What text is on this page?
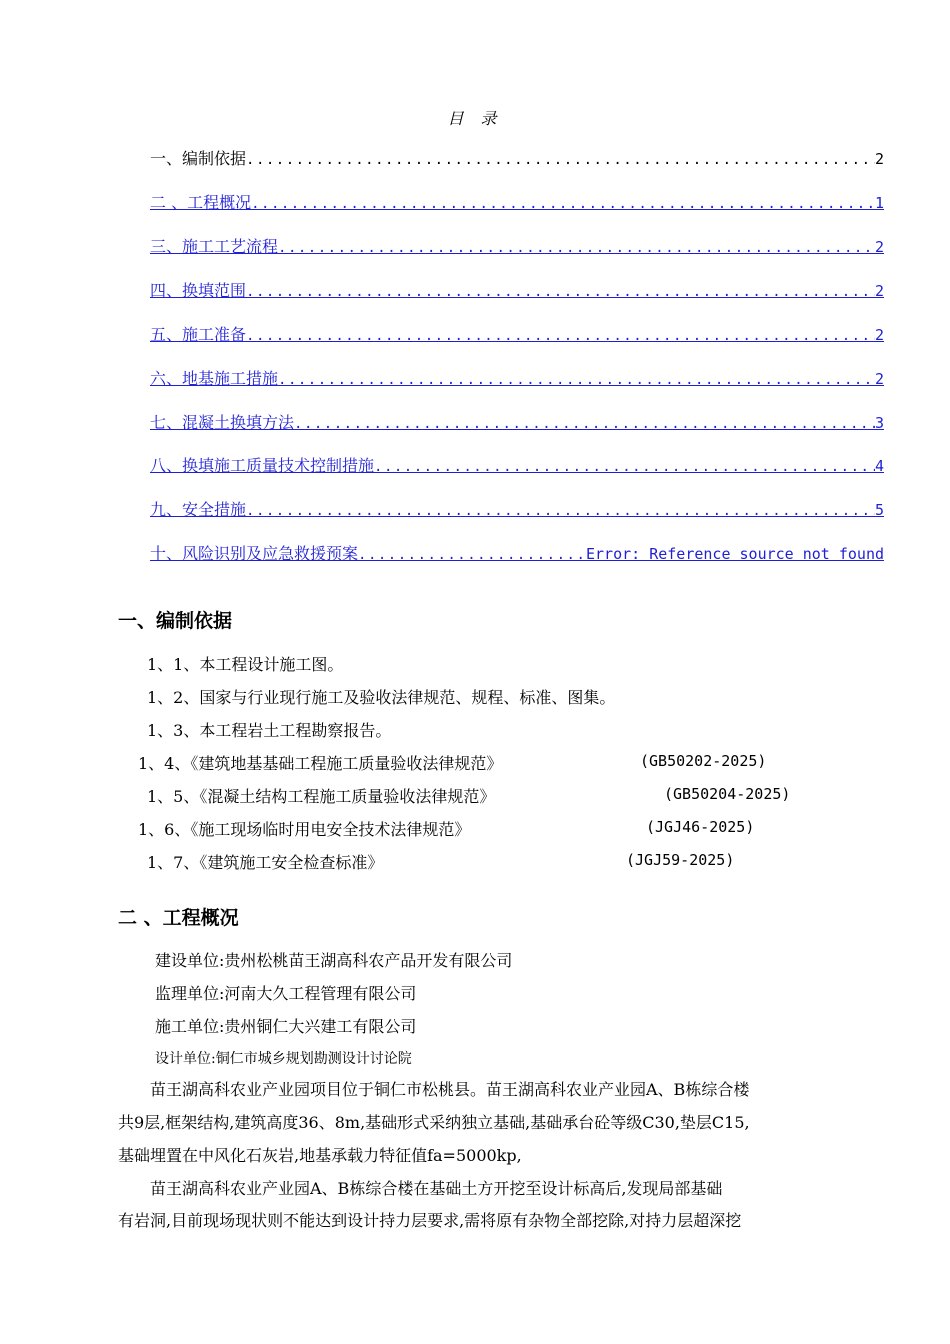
目 录
一、编制依据 .....	2
二 、工程概况 .....	1
三、施工工艺流程 .....	2
四、换填范围 .....	2
五、施工准备 .....	2
六、地基施工措施 .....	2
七、混凝土换填方法 .....	3
八、换填施工质量技术控制措施 .....	4
九、安全措施 .....	5
十、风险识别及应急救援预案 .....	Error: Reference source not found
一、编制依据
1、1、本工程设计施工图。
1、2、国家与行业现行施工及验收法律规范、规程、标准、图集。
1、3、本工程岩土工程勘察报告。
1、4、《建筑地基基础工程施工质量验收法律规范》	(GB50202-2025)
1、5、《混凝土结构工程施工质量验收法律规范》	(GB50204-2025)
1、6、《施工现场临时用电安全技术法律规范》	(JGJ46-2025)
1、7、《建筑施工安全检查标准》	(JGJ59-2025)
二 、工程概况
建设单位:贵州松桃苗王湖高科农产品开发有限公司
监理单位:河南大久工程管理有限公司
施工单位:贵州铜仁大兴建工有限公司
设计单位:铜仁市城乡规划勘测设计讨论院
　　苗王湖高科农业产业园项目位于铜仁市松桃县。苗王湖高科农业产业园A、B栋综合楼
共9层,框架结构,建筑高度36、8m,基础形式采纳独立基础,基础承台砼等级C30,垫层C15,
基础埋置在中风化石灰岩,地基承载力特征值fa=5000kp,
　　苗王湖高科农业产业园A、B栋综合楼在基础土方开挖至设计标高后,发现局部基础
有岩洞,目前现场现状则不能达到设计持力层要求,需将原有杂物全部挖除,对持力层超深挖
